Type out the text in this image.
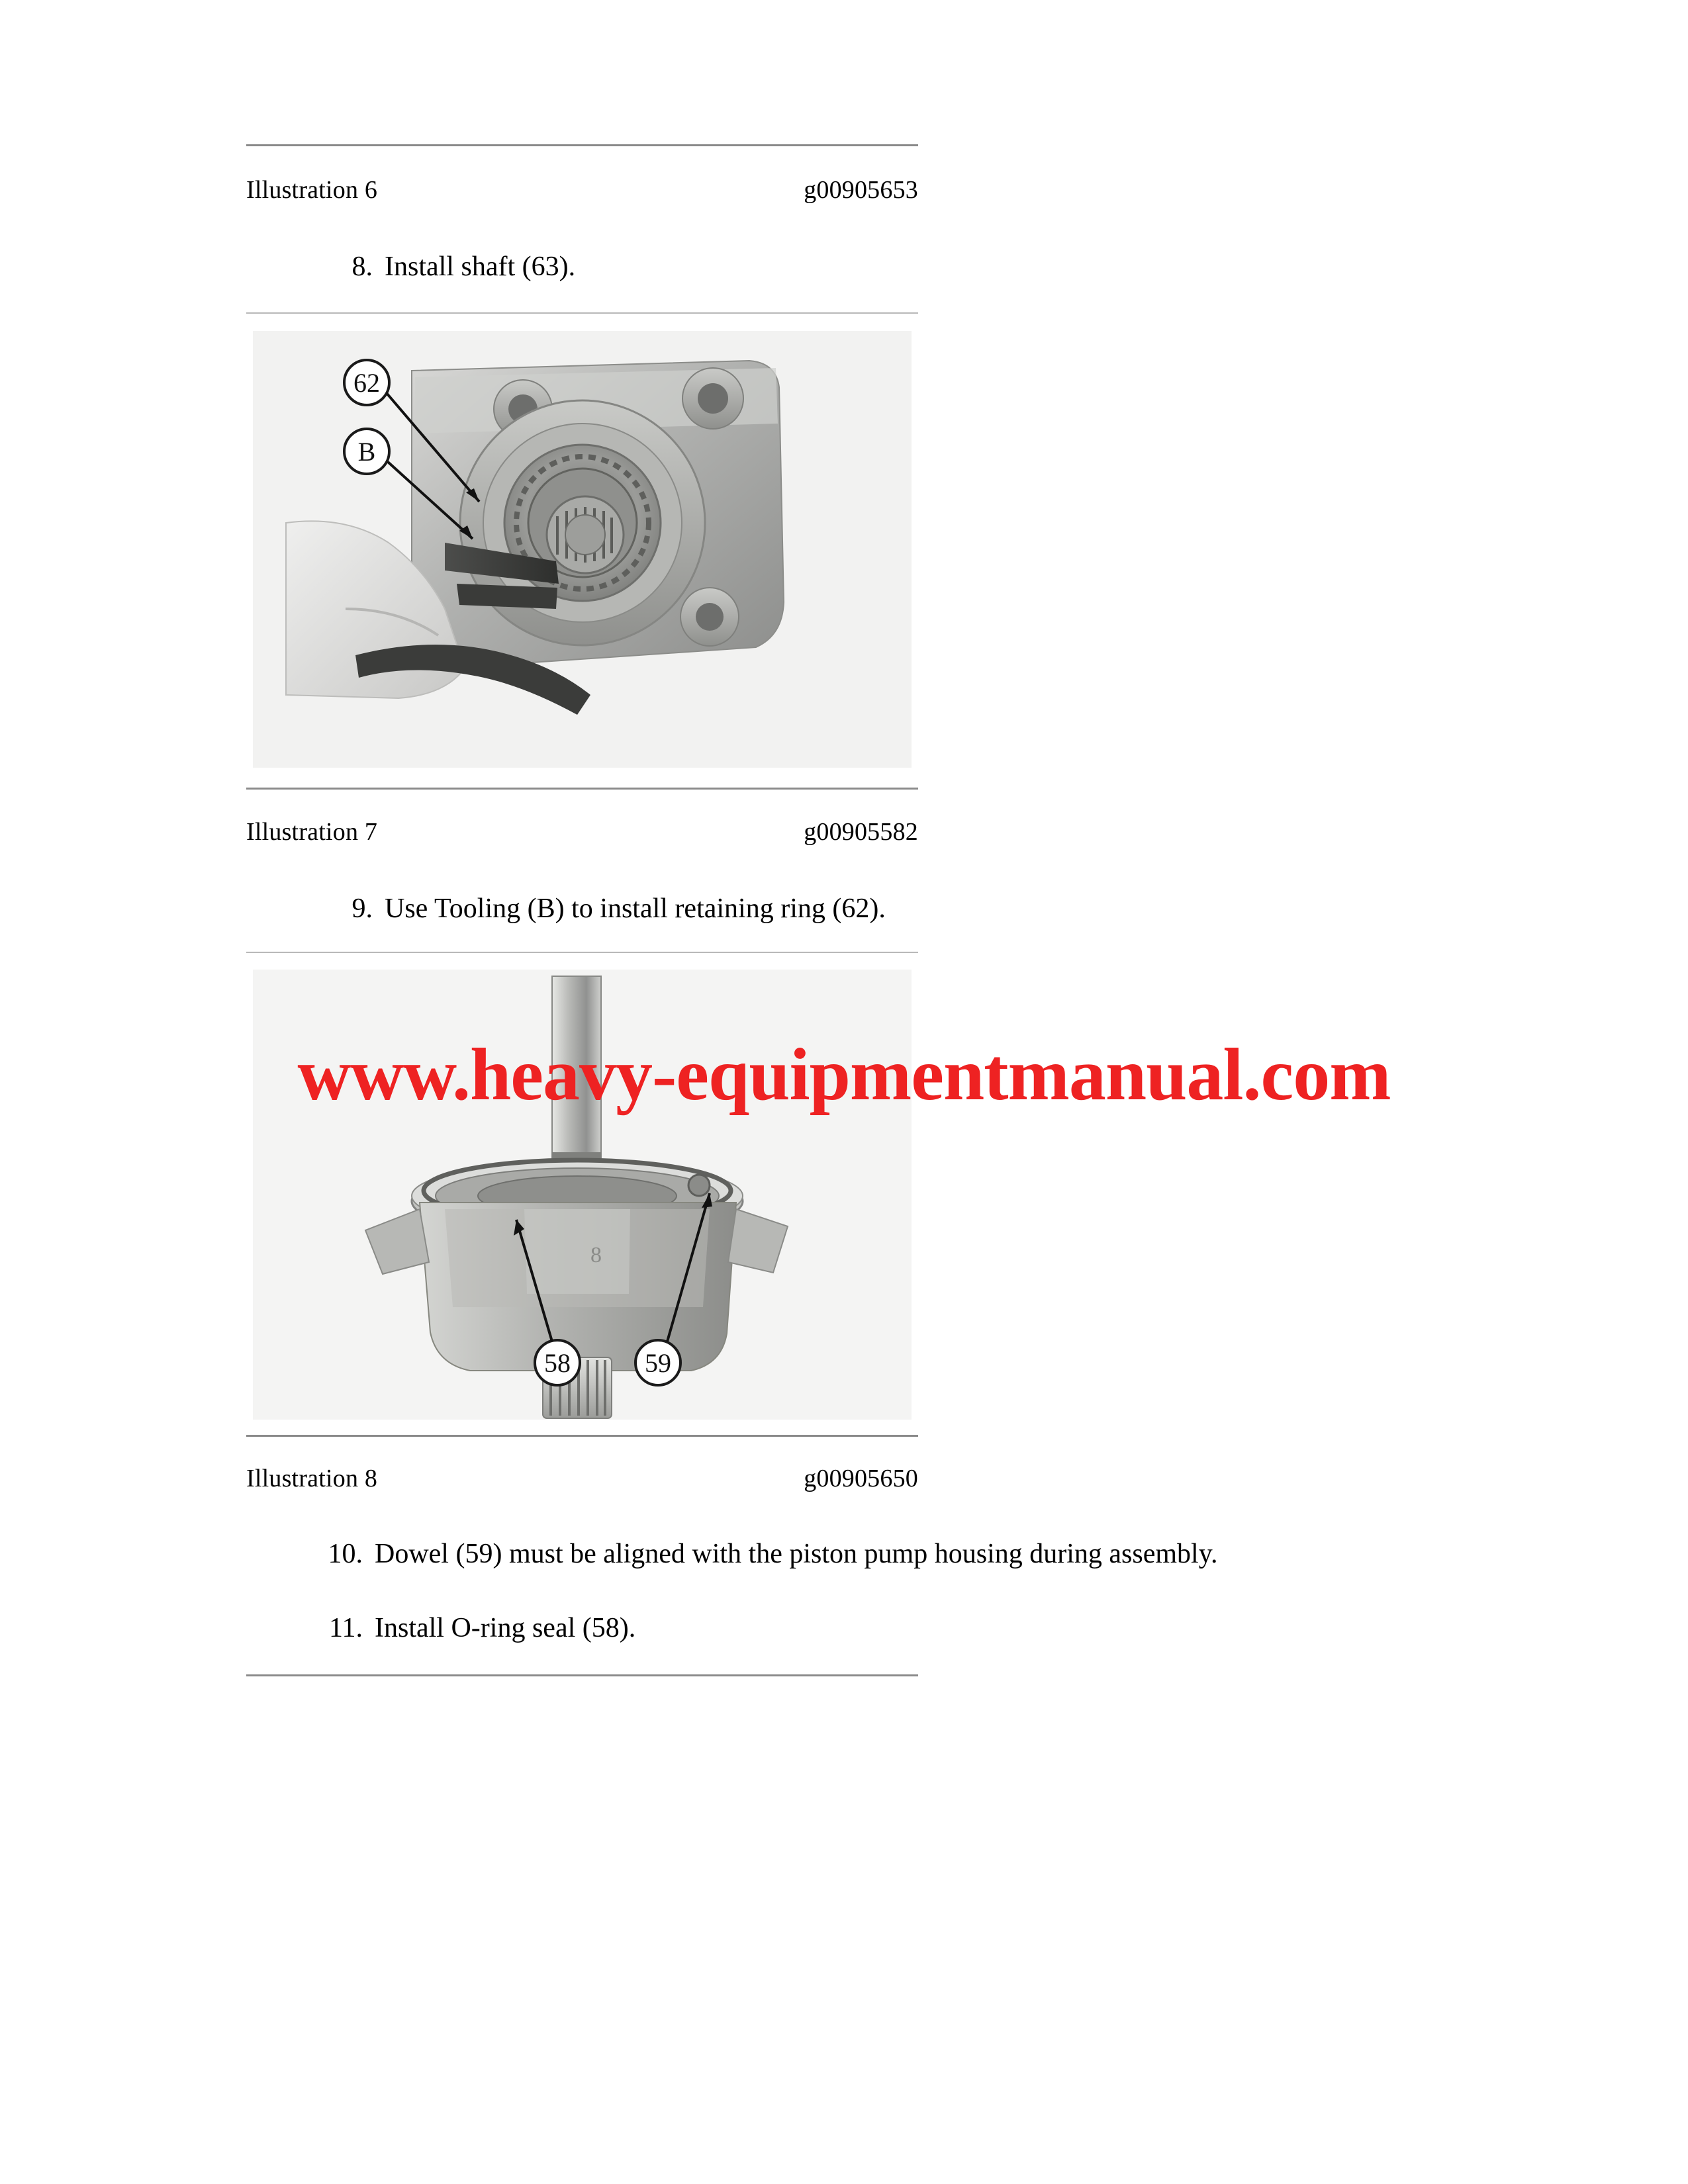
Illustration 6	g00905653
8. Install shaft (63).
62
B
Illustration 7	g00905582
9. Use Tooling (B) to install retaining ring (62).
8
58	59
Illustration 8	g00905650
10. Dowel (59) must be aligned with the piston pump housing during assembly.
11. Install O-ring seal (58).
www.heavy-equipmentmanual.com
